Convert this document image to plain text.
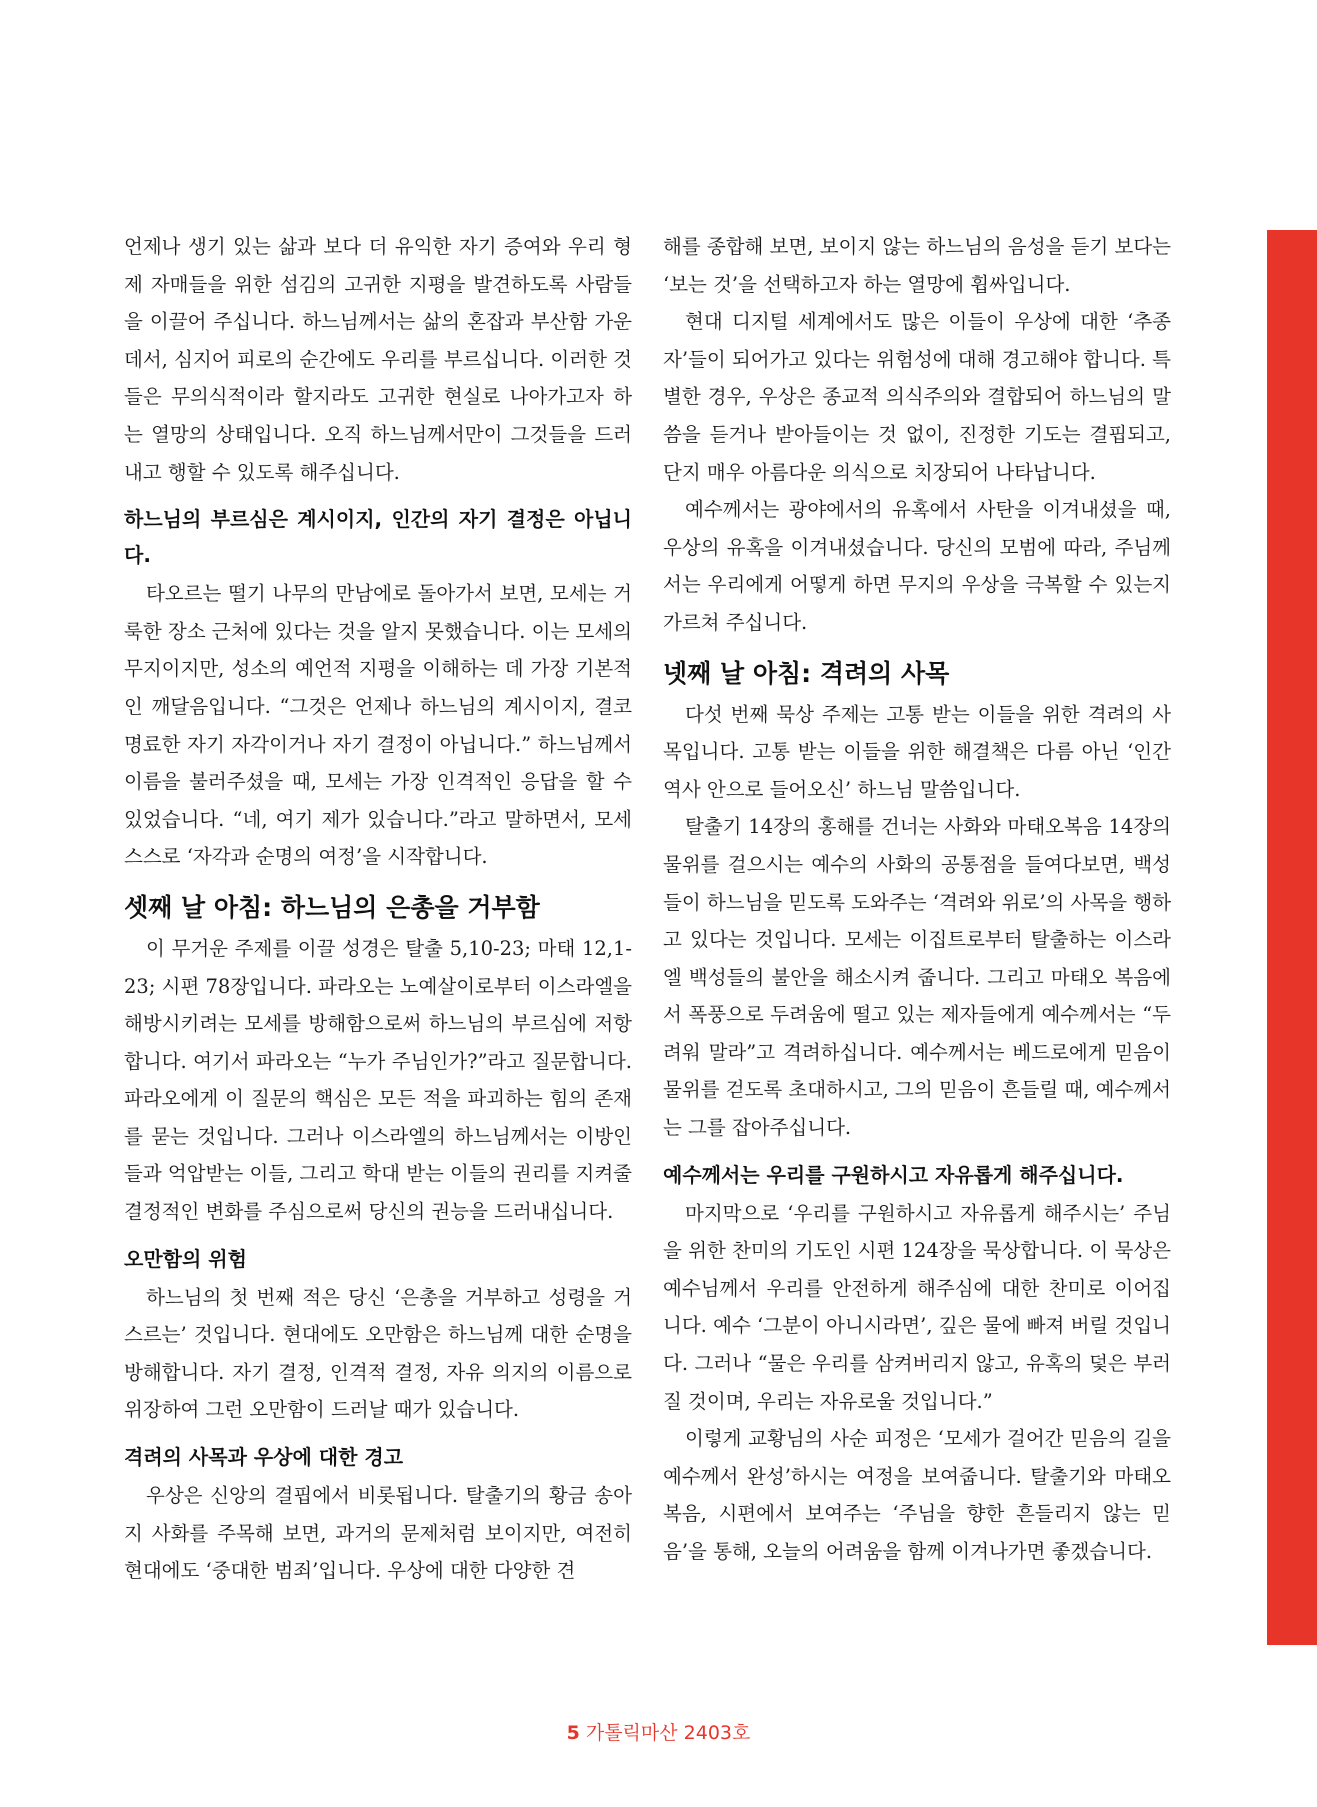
언제나 생기 있는 삶과 보다 더 유익한 자기 증여와 우리 형제 자매들을 위한 섬김의 고귀한 지평을 발견하도록 사람들을 이끌어 주십니다. 하느님께서는 삶의 혼잡과 부산함 가운데서, 심지어 피로의 순간에도 우리를 부르십니다. 이러한 것들은 무의식적이라 할지라도 고귀한 현실로 나아가고자 하는 열망의 상태입니다. 오직 하느님께서만이 그것들을 드러내고 행할 수 있도록 해주십니다.

하느님의 부르심은 계시이지, 인간의 자기 결정은 아닙니다.

타오르는 떨기 나무의 만남에로 돌아가서 보면, 모세는 거룩한 장소 근처에 있다는 것을 알지 못했습니다. 이는 모세의 무지이지만, 성소의 예언적 지평을 이해하는 데 가장 기본적인 깨달음입니다. “그것은 언제나 하느님의 계시이지, 결코 명료한 자기 자각이거나 자기 결정이 아닙니다.” 하느님께서 이름을 불러주셨을 때, 모세는 가장 인격적인 응답을 할 수 있었습니다. “네, 여기 제가 있습니다.”라고 말하면서, 모세 스스로 ‘자각과 순명의 여정’을 시작합니다.

셋째 날 아침: 하느님의 은총을 거부함

이 무거운 주제를 이끌 성경은 탈출 5,10-23; 마태 12,1-23; 시편 78장입니다. 파라오는 노예살이로부터 이스라엘을 해방시키려는 모세를 방해함으로써 하느님의 부르심에 저항합니다. 여기서 파라오는 “누가 주님인가?”라고 질문합니다. 파라오에게 이 질문의 핵심은 모든 적을 파괴하는 힘의 존재를 묻는 것입니다. 그러나 이스라엘의 하느님께서는 이방인들과 억압받는 이들, 그리고 학대 받는 이들의 권리를 지켜줄 결정적인 변화를 주심으로써 당신의 권능을 드러내십니다.

오만함의 위험

하느님의 첫 번째 적은 당신 ‘은총을 거부하고 성령을 거스르는’ 것입니다. 현대에도 오만함은 하느님께 대한 순명을 방해합니다. 자기 결정, 인격적 결정, 자유 의지의 이름으로 위장하여 그런 오만함이 드러날 때가 있습니다.

격려의 사목과 우상에 대한 경고

우상은 신앙의 결핍에서 비롯됩니다. 탈출기의 황금 송아지 사화를 주목해 보면, 과거의 문제처럼 보이지만, 여전히 현대에도 ‘중대한 범죄’입니다. 우상에 대한 다양한 견

해를 종합해 보면, 보이지 않는 하느님의 음성을 듣기 보다는 ‘보는 것’을 선택하고자 하는 열망에 휩싸입니다.

현대 디지털 세계에서도 많은 이들이 우상에 대한 ‘추종자’들이 되어가고 있다는 위험성에 대해 경고해야 합니다. 특별한 경우, 우상은 종교적 의식주의와 결합되어 하느님의 말씀을 듣거나 받아들이는 것 없이, 진정한 기도는 결핍되고, 단지 매우 아름다운 의식으로 치장되어 나타납니다.

예수께서는 광야에서의 유혹에서 사탄을 이겨내셨을 때, 우상의 유혹을 이겨내셨습니다. 당신의 모범에 따라, 주님께서는 우리에게 어떻게 하면 무지의 우상을 극복할 수 있는지 가르쳐 주십니다.

넷째 날 아침: 격려의 사목

다섯 번째 묵상 주제는 고통 받는 이들을 위한 격려의 사목입니다. 고통 받는 이들을 위한 해결책은 다름 아닌 ‘인간 역사 안으로 들어오신’ 하느님 말씀입니다.

탈출기 14장의 홍해를 건너는 사화와 마태오복음 14장의 물위를 걸으시는 예수의 사화의 공통점을 들여다보면, 백성들이 하느님을 믿도록 도와주는 ‘격려와 위로’의 사목을 행하고 있다는 것입니다. 모세는 이집트로부터 탈출하는 이스라엘 백성들의 불안을 해소시켜 줍니다. 그리고 마태오 복음에서 폭풍으로 두려움에 떨고 있는 제자들에게 예수께서는 “두려워 말라”고 격려하십니다. 예수께서는 베드로에게 믿음이 물위를 걷도록 초대하시고, 그의 믿음이 흔들릴 때, 예수께서는 그를 잡아주십니다.

예수께서는 우리를 구원하시고 자유롭게 해주십니다.

마지막으로 ‘우리를 구원하시고 자유롭게 해주시는’ 주님을 위한 찬미의 기도인 시편 124장을 묵상합니다. 이 묵상은 예수님께서 우리를 안전하게 해주심에 대한 찬미로 이어집니다. 예수 ‘그분이 아니시라면’, 깊은 물에 빠져 버릴 것입니다. 그러나 “물은 우리를 삼켜버리지 않고, 유혹의 덫은 부러질 것이며, 우리는 자유로울 것입니다.”

이렇게 교황님의 사순 피정은 ‘모세가 걸어간 믿음의 길을 예수께서 완성’하시는 여정을 보여줍니다. 탈출기와 마태오 복음, 시편에서 보여주는 ‘주님을 향한 흔들리지 않는 믿음’을 통해, 오늘의 어려움을 함께 이겨나가면 좋겠습니다.

5 가톨릭마산 2403호
